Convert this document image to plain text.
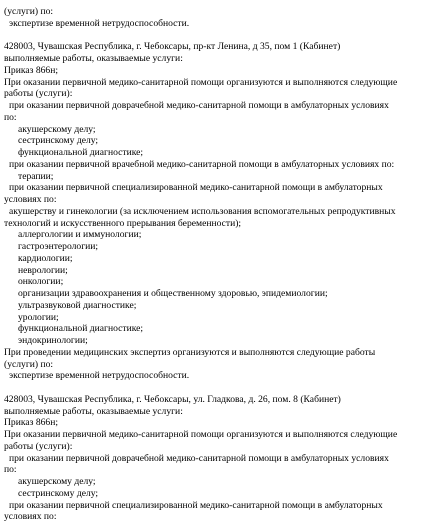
(услуги) по:
экспертизе временной нетрудоспособности.
428003, Чувашская Республика, г. Чебоксары, пр-кт Ленина, д 35, пом 1 (Кабинет)
выполняемые работы, оказываемые услуги:
Приказ 866н;
При оказании первичной медико-санитарной помощи организуются и выполняются следующие
работы (услуги):
при оказании первичной доврачебной медико-санитарной помощи в амбулаторных условиях
по:
акушерскому делу;
сестринскому делу;
функциональной диагностике;
при оказании первичной врачебной медико-санитарной помощи в амбулаторных условиях по:
терапии;
при оказании первичной специализированной медико-санитарной помощи в амбулаторных
условиях по:
акушерству и гинекологии (за исключением использования вспомогательных репродуктивных
технологий и искусственного прерывания беременности);
аллергологии и иммунологии;
гастроэнтерологии;
кардиологии;
неврологии;
онкологии;
организации здравоохранения и общественному здоровью, эпидемиологии;
ультразвуковой диагностике;
урологии;
функциональной диагностике;
эндокринологии;
При проведении медицинских экспертиз организуются и выполняются следующие работы
(услуги) по:
экспертизе временной нетрудоспособности.
428003, Чувашская Республика, г. Чебоксары, ул. Гладкова, д. 26, пом. 8 (Кабинет)
выполняемые работы, оказываемые услуги:
Приказ 866н;
При оказании первичной медико-санитарной помощи организуются и выполняются следующие
работы (услуги):
при оказании первичной доврачебной медико-санитарной помощи в амбулаторных условиях
по:
акушерскому делу;
сестринскому делу;
при оказании первичной специализированной медико-санитарной помощи в амбулаторных
условиях по:
